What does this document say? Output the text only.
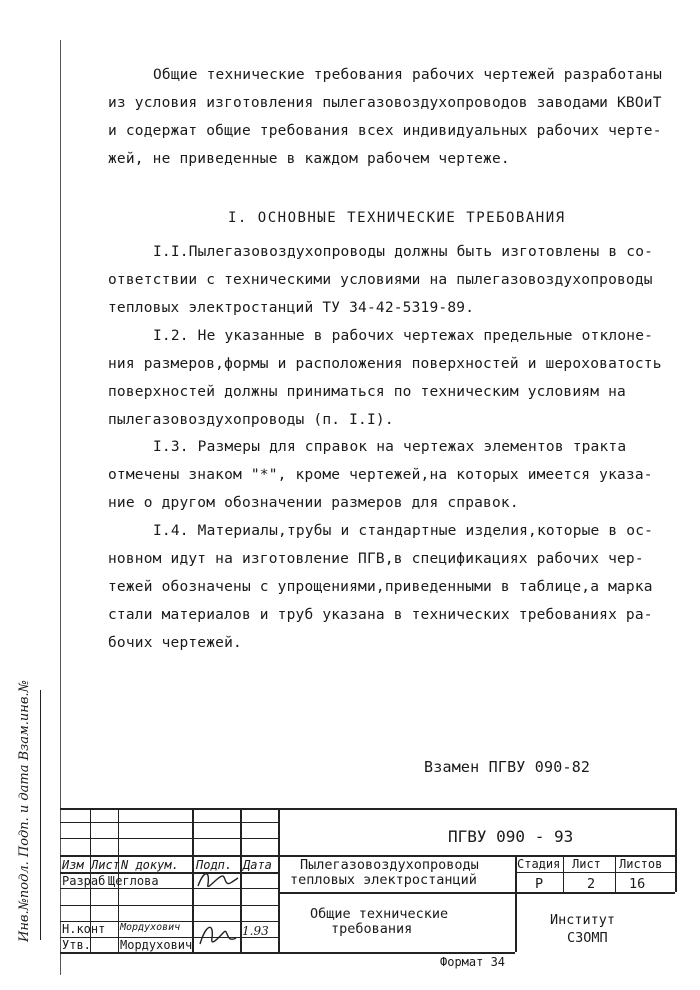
Общие технические требования рабочих чертежей разработаны
из условия изготовления пылегазовоздухопроводов заводами КВОиТ
и содержат общие требования всех индивидуальных рабочих черте-
жей, не приведенные в каждом рабочем чертеже.
I. ОСНОВНЫЕ ТЕХНИЧЕСКИЕ ТРЕБОВАНИЯ
I.I.Пылегазовоздухопроводы должны быть изготовлены в со-
ответствии с техническими условиями на пылегазовоздухопроводы
тепловых электростанций ТУ 34-42-5319-89.
I.2. Не указанные в рабочих чертежах предельные отклоне-
ния размеров,формы и расположения поверхностей и шероховатость
поверхностей должны приниматься по техническим условиям на
пылегазовоздухопроводы (п. I.I).
I.3. Размеры для справок на чертежах элементов тракта
отмечены знаком "*", кроме чертежей,на которых имеется указа-
ние о другом обозначении размеров для справок.
I.4. Материалы,трубы и стандартные изделия,которые в ос-
новном идут на изготовление ПГВ,в спецификациях рабочих чер-
тежей обозначены с упрощениями,приведенными в таблице,а марка
стали материалов и труб указана в технических требованиях ра-
бочих чертежей.
Взамен ПГВУ 090-82
Инв.№подл. Подп. и дата Взам.инв.№	ПГВУ 090 - 93
Изм Лист N докум. Подп. Дата
Разраб Щеглова
Н.конт Мордухович
Утв. Мордухович
1.93
Пылегазовоздухопроводы
тепловых электростанций
Общие технические
требования
Стадия Лист Листов
Р	2	16
Институт
СЗОМП
Формат 34
